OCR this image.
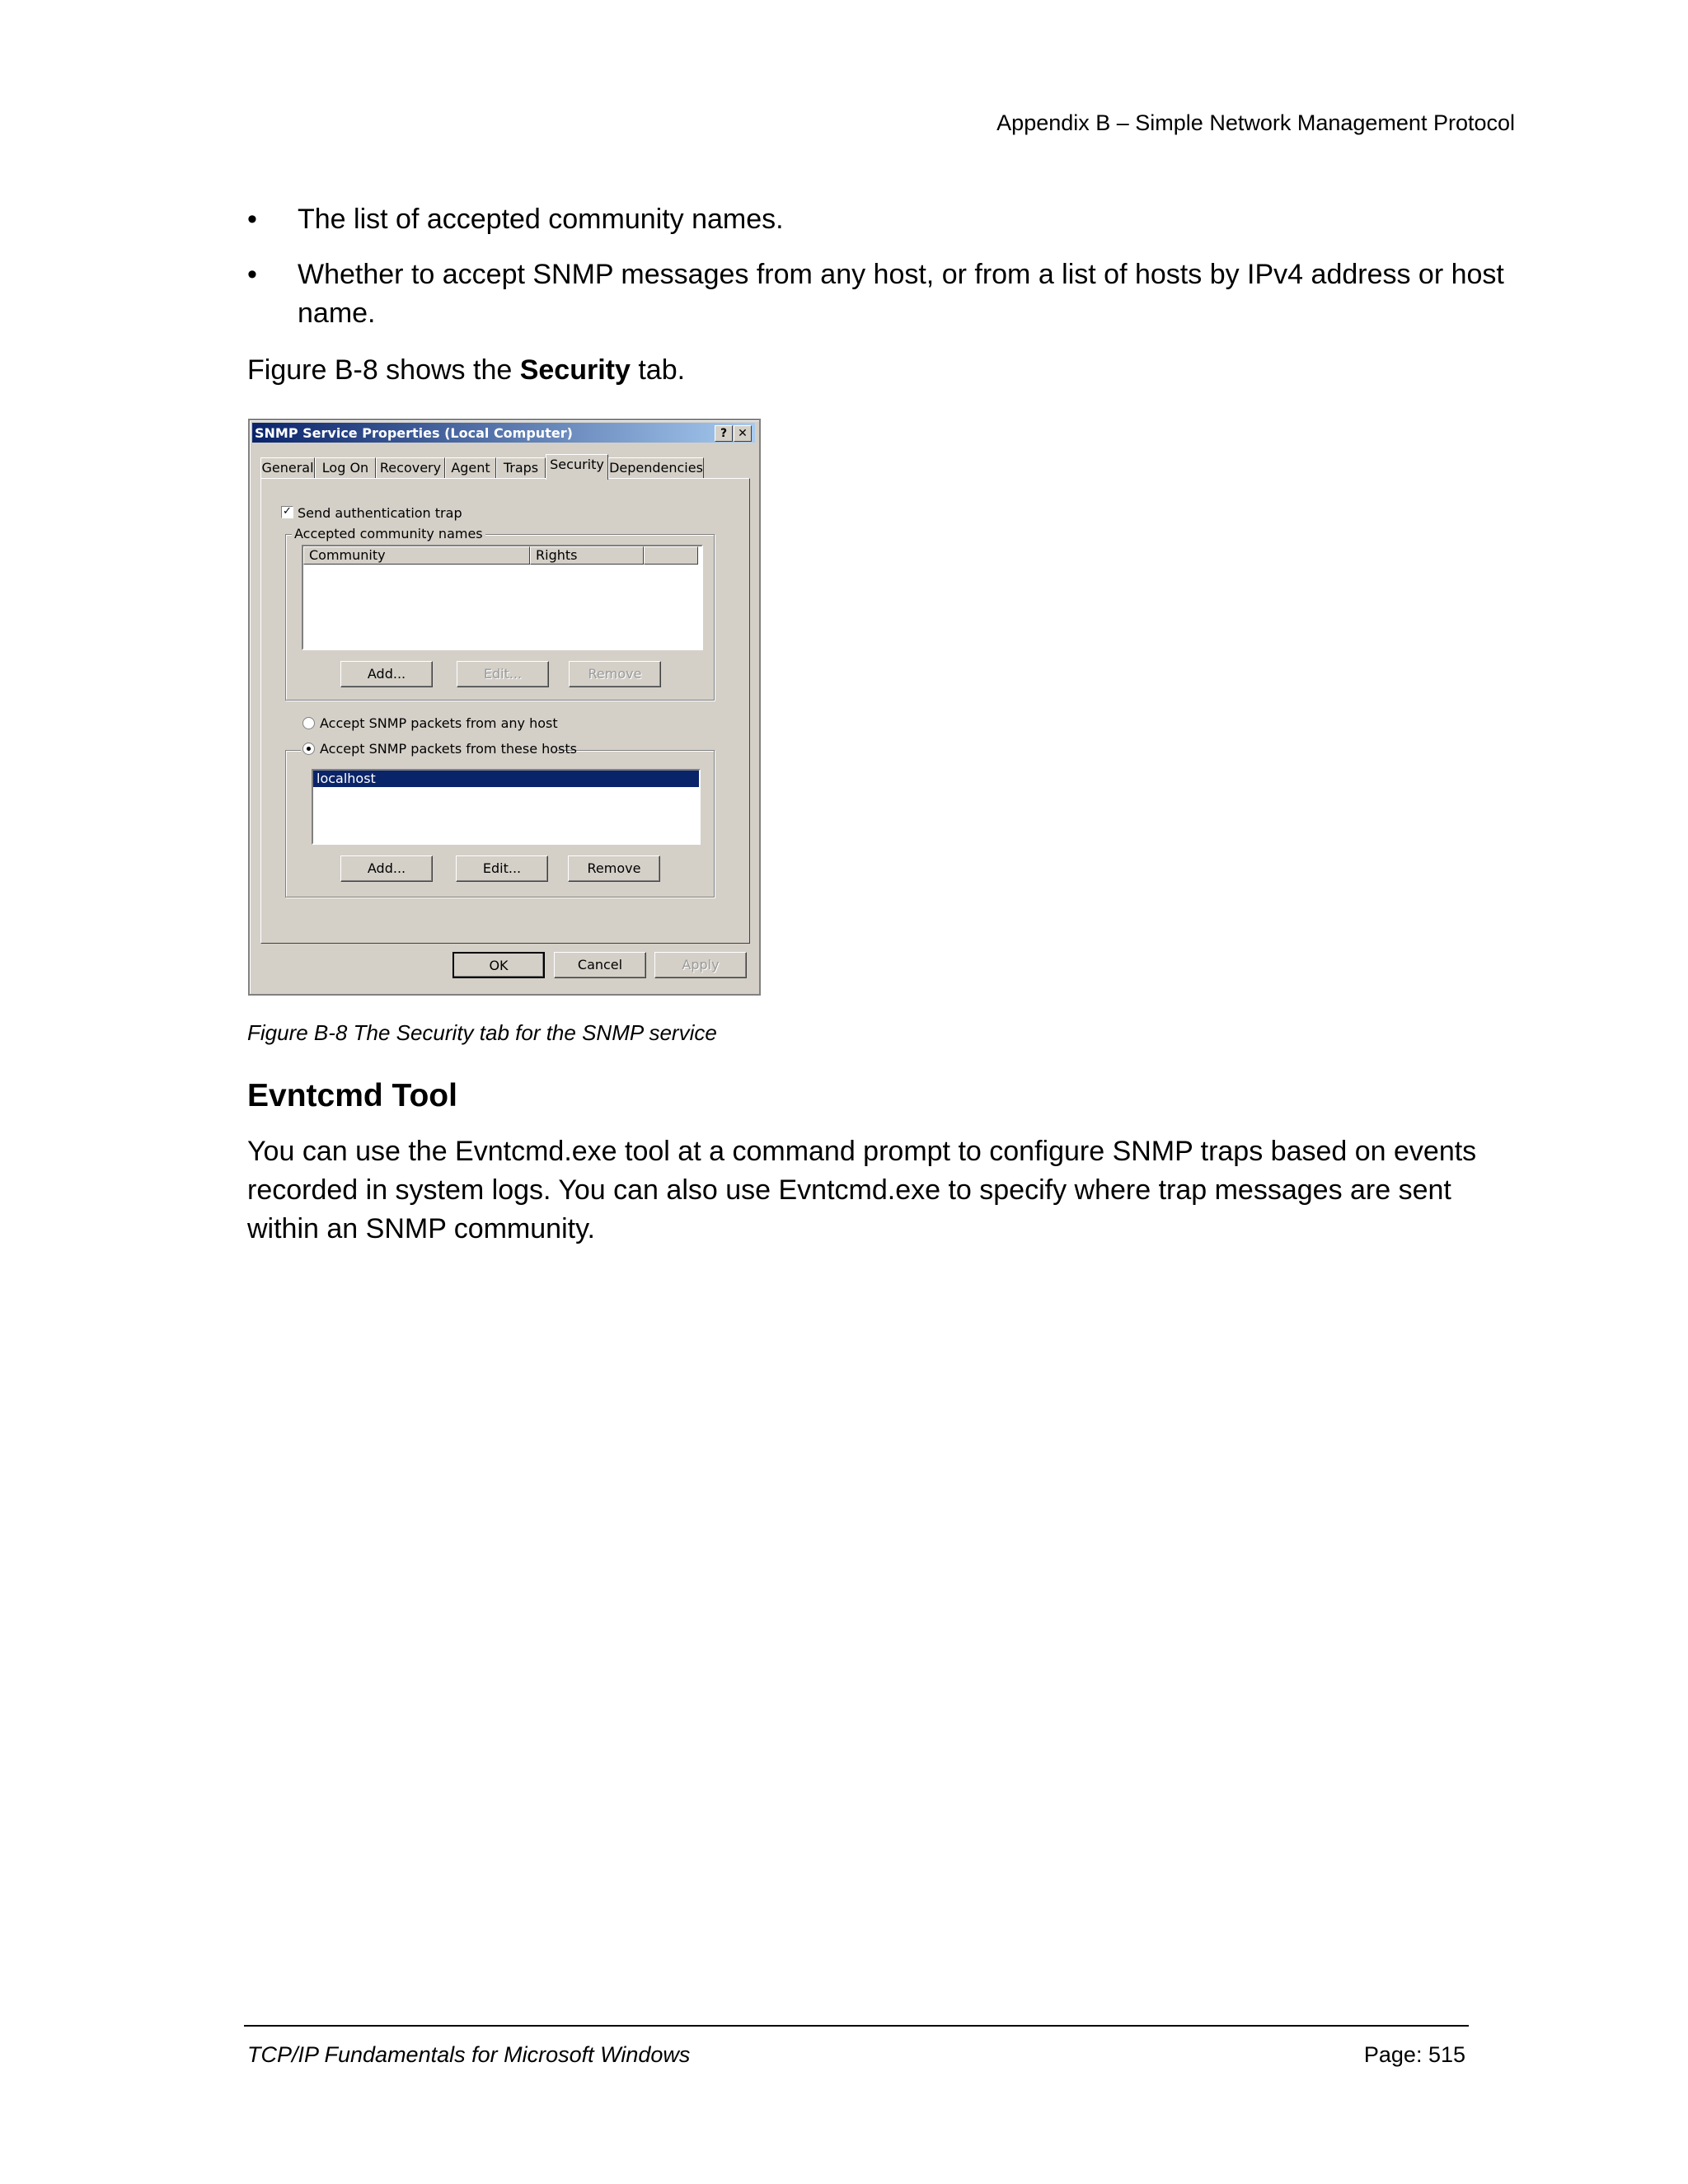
Appendix B – Simple Network Management Protocol
•	The list of accepted community names.
•	Whether to accept SNMP messages from any host, or from a list of hosts by IPv4 address or host name.
Figure B-8 shows the Security tab.
SNMP Service Properties (Local Computer)	? ✕
General Log On Recovery Agent	Traps Security Dependencies
✓ Send authentication trap
Accepted community names
Community	Rights
Add...	Edit...	Remove
Accept SNMP packets from any host
localhost
Add...	Edit...	Remove
Accept SNMP packets from these hosts
OK	Cancel	Apply
Figure B-8 The Security tab for the SNMP service
Evntcmd Tool
You can use the Evntcmd.exe tool at a command prompt to configure SNMP traps based on events recorded in system logs. You can also use Evntcmd.exe to specify where trap messages are sent within an SNMP community.
TCP/IP Fundamentals for Microsoft Windows	Page: 515
